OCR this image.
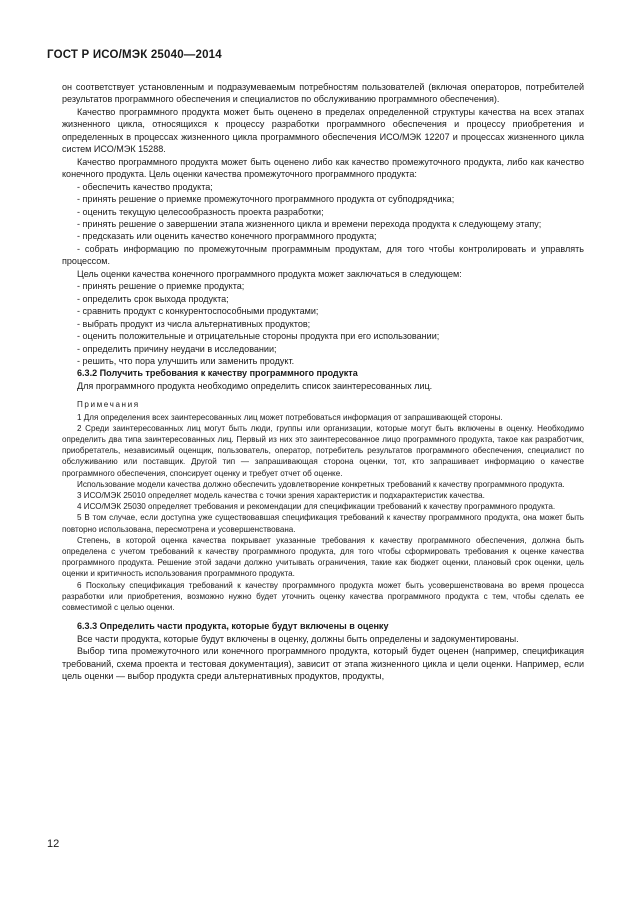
ГОСТ Р ИСО/МЭК 25040—2014

он соответствует установленным и подразумеваемым потребностям пользователей (включая операторов, потребителей результатов программного обеспечения и специалистов по обслуживанию программного обеспечения).

Качество программного продукта может быть оценено в пределах определенной структуры качества на всех этапах жизненного цикла, относящихся к процессу разработки программного обеспечения и процессу приобретения и определенных в процессах жизненного цикла программного обеспечения ИСО/МЭК 12207 и процессах жизненного цикла систем ИСО/МЭК 15288.

Качество программного продукта может быть оценено либо как качество промежуточного продукта, либо как качество конечного продукта. Цель оценки качества промежуточного программного продукта:

- обеспечить качество продукта;

- принять решение о приемке промежуточного программного продукта от субподрядчика;

- оценить текущую целесообразность проекта разработки;

- принять решение о завершении этапа жизненного цикла и времени перехода продукта к следующему этапу;

- предсказать или оценить качество конечного программного продукта;

- собрать информацию по промежуточным программным продуктам, для того чтобы контролировать и управлять процессом.

Цель оценки качества конечного программного продукта может заключаться в следующем:

- принять решение о приемке продукта;

- определить срок выхода продукта;

- сравнить продукт с конкурентоспособными продуктами;

- выбрать продукт из числа альтернативных продуктов;

- оценить положительные и отрицательные стороны продукта при его использовании;

- определить причину неудачи в исследовании;

- решить, что пора улучшить или заменить продукт.

6.3.2 Получить требования к качеству программного продукта

Для программного продукта необходимо определить список заинтересованных лиц.

Примечания

1 Для определения всех заинтересованных лиц может потребоваться информация от запрашивающей стороны.

2 Среди заинтересованных лиц могут быть люди, группы или организации, которые могут быть включены в оценку. Необходимо определить два типа заинтересованных лиц. Первый из них это заинтересованное лицо программного продукта, такое как разработчик, приобретатель, независимый оценщик, пользователь, оператор, потребитель результатов программного обеспечения, специалист по обслуживанию или поставщик. Другой тип — запрашивающая сторона оценки, тот, кто запрашивает информацию о качестве программного обеспечения, спонсирует оценку и требует отчет об оценке.

Использование модели качества должно обеспечить удовлетворение конкретных требований к качеству программного продукта.

3 ИСО/МЭК 25010 определяет модель качества с точки зрения характеристик и подхарактеристик качества.

4 ИСО/МЭК 25030 определяет требования и рекомендации для спецификации требований к качеству программного продукта.

5 В том случае, если доступна уже существовавшая спецификация требований к качеству программного продукта, она может быть повторно использована, пересмотрена и усовершенствована.

Степень, в которой оценка качества покрывает указанные требования к качеству программного обеспечения, должна быть определена с учетом требований к качеству программного продукта, для того чтобы сформировать требования к оценке качества программного продукта. Решение этой задачи должно учитывать ограничения, такие как бюджет оценки, плановый срок оценки, цель оценки и критичность использования программного продукта.

6 Поскольку спецификация требований к качеству программного продукта может быть усовершенствована во время процесса разработки или приобретения, возможно нужно будет уточнить оценку качества программного продукта с тем, чтобы сделать ее совместимой с целью оценки.

6.3.3 Определить части продукта, которые будут включены в оценку

Все части продукта, которые будут включены в оценку, должны быть определены и задокументированы.

Выбор типа промежуточного или конечного программного продукта, который будет оценен (например, спецификация требований, схема проекта и тестовая документация), зависит от этапа жизненного цикла и цели оценки. Например, если цель оценки — выбор продукта среди альтернативных продуктов, продукты,

12
